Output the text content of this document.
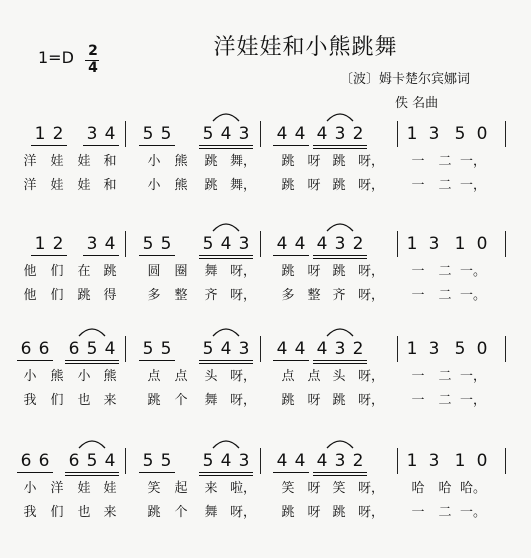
1=D 2
4
洋娃娃和小熊跳舞
〔波〕姆卡楚尔宾娜词
佚 名曲
1 2 3 4 5 5 5 4 3 4 4 4 3 2	1 3 5 0
洋	娃	娃 和	小	熊	跳 舞，	跳 呀 跳 呀，	一	二 一，
洋	娃	娃 和	小	熊	跳 舞，	跳 呀 跳 呀，	一	二 一，
1 2 3 4 5 5 5 4 3 4 4 4 3 2	1 3 1 0
他	们	在 跳	圆	圈	舞 呀，	跳 呀 跳 呀，	一	二 一。
他	们	跳 得	多	整	齐 呀，	多 整 齐 呀，	一	二 一。
6 6 6 5 4 5 5 5 4 3 4 4 4 3 2	1 3 5 0
小	熊	小 熊	点	点	头 呀，	点 点 头 呀，	一	二 一，
我	们	也 来	跳	个	舞 呀，	跳 呀 跳 呀，	一	二 一，
6 6 6 5 4 5 5 5 4 3 4 4 4 3 2	1 3 1 0
小	洋	娃 娃	笑	起	来 啦，	笑 呀 笑 呀，	哈	哈 哈。
我	们	也 来	跳	个	舞 呀，	跳 呀 跳 呀，	一	二 一。
